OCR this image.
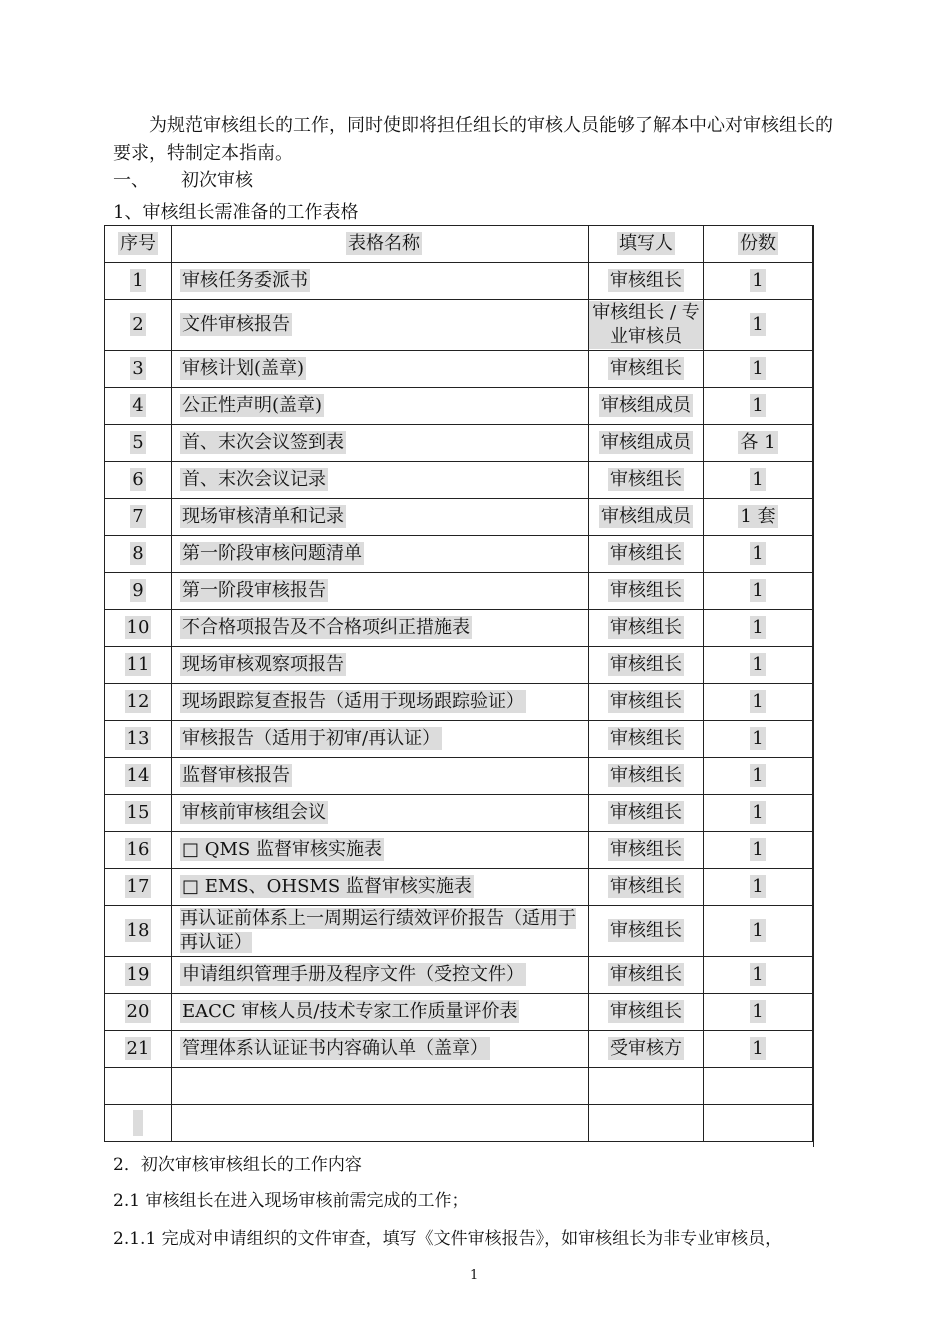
为规范审核组长的工作，同时使即将担任组长的审核人员能够了解本中心对审核组长的要求，特制定本指南。

一、 初次审核
1、审核组长需准备的工作表格
序号	表格名称	填写人	份数
1	审核任务委派书	审核组长	1
2	文件审核报告	审核组长 / 专业审核员	1
3	审核计划(盖章)	审核组长	1
4	公正性声明(盖章)	审核组成员	1
5	首、末次会议签到表	审核组成员	各 1
6	首、末次会议记录	审核组长	1
7	现场审核清单和记录	审核组成员	1 套
8	第一阶段审核问题清单	审核组长	1
9	第一阶段审核报告	审核组长	1
10	不合格项报告及不合格项纠正措施表	审核组长	1
11	现场审核观察项报告	审核组长	1
12	现场跟踪复查报告（适用于现场跟踪验证）	审核组长	1
13	审核报告（适用于初审/再认证）	审核组长	1
14	监督审核报告	审核组长	1
15	审核前审核组会议	审核组长	1
16	□ QMS 监督审核实施表	审核组长	1
17	□ EMS、OHSMS 监督审核实施表	审核组长	1
18	再认证前体系上一周期运行绩效评价报告（适用于再认证）	审核组长	1
19	申请组织管理手册及程序文件（受控文件）	审核组长	1
20	EACC 审核人员/技术专家工作质量评价表	审核组长	1
21	管理体系认证证书内容确认单（盖章）	受审核方	1

2．初次审核审核组长的工作内容

2.1 审核组长在进入现场审核前需完成的工作；

2.1.1 完成对申请组织的文件审查，填写《文件审核报告》，如审核组长为非专业审核员，

1
